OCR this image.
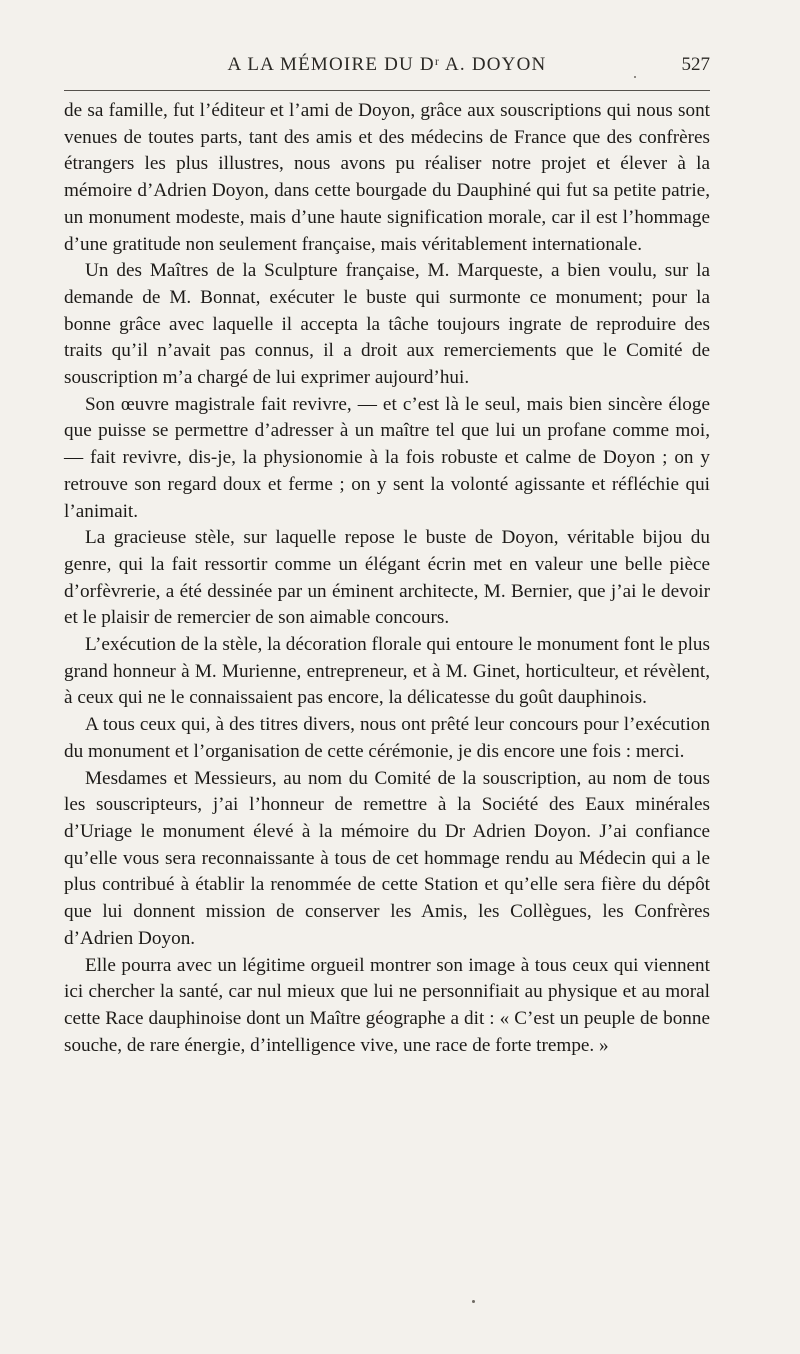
A LA MÉMOIRE DU Dʳ A. DOYON	527

de sa famille, fut l’éditeur et l’ami de Doyon, grâce aux souscriptions qui nous sont venues de toutes parts, tant des amis et des médecins de France que des confrères étrangers les plus illustres, nous avons pu réaliser notre projet et élever à la mémoire d’Adrien Doyon, dans cette bourgade du Dauphiné qui fut sa petite patrie, un monument modeste, mais d’une haute signification morale, car il est l’hommage d’une gratitude non seulement française, mais véritablement internationale.

Un des Maîtres de la Sculpture française, M. Marqueste, a bien voulu, sur la demande de M. Bonnat, exécuter le buste qui surmonte ce monument; pour la bonne grâce avec laquelle il accepta la tâche toujours ingrate de reproduire des traits qu’il n’avait pas connus, il a droit aux remerciements que le Comité de souscription m’a chargé de lui exprimer aujourd’hui.

Son œuvre magistrale fait revivre, — et c’est là le seul, mais bien sincère éloge que puisse se permettre d’adresser à un maître tel que lui un profane comme moi, — fait revivre, dis-je, la physionomie à la fois robuste et calme de Doyon ; on y retrouve son regard doux et ferme ; on y sent la volonté agissante et réfléchie qui l’animait.

La gracieuse stèle, sur laquelle repose le buste de Doyon, véritable bijou du genre, qui la fait ressortir comme un élégant écrin met en valeur une belle pièce d’orfèvrerie, a été dessinée par un éminent architecte, M. Bernier, que j’ai le devoir et le plaisir de remercier de son aimable concours.

L’exécution de la stèle, la décoration florale qui entoure le monument font le plus grand honneur à M. Murienne, entrepreneur, et à M. Ginet, horticulteur, et révèlent, à ceux qui ne le connaissaient pas encore, la délicatesse du goût dauphinois.

A tous ceux qui, à des titres divers, nous ont prêté leur concours pour l’exécution du monument et l’organisation de cette cérémonie, je dis encore une fois : merci.

Mesdames et Messieurs, au nom du Comité de la souscription, au nom de tous les souscripteurs, j’ai l’honneur de remettre à la Société des Eaux minérales d’Uriage le monument élevé à la mémoire du Dr Adrien Doyon. J’ai confiance qu’elle vous sera reconnaissante à tous de cet hommage rendu au Médecin qui a le plus contribué à établir la renommée de cette Station et qu’elle sera fière du dépôt que lui donnent mission de conserver les Amis, les Collègues, les Confrères d’Adrien Doyon.

Elle pourra avec un légitime orgueil montrer son image à tous ceux qui viennent ici chercher la santé, car nul mieux que lui ne personnifiait au physique et au moral cette Race dauphinoise dont un Maître géographe a dit : « C’est un peuple de bonne souche, de rare énergie, d’intelligence vive, une race de forte trempe. »
